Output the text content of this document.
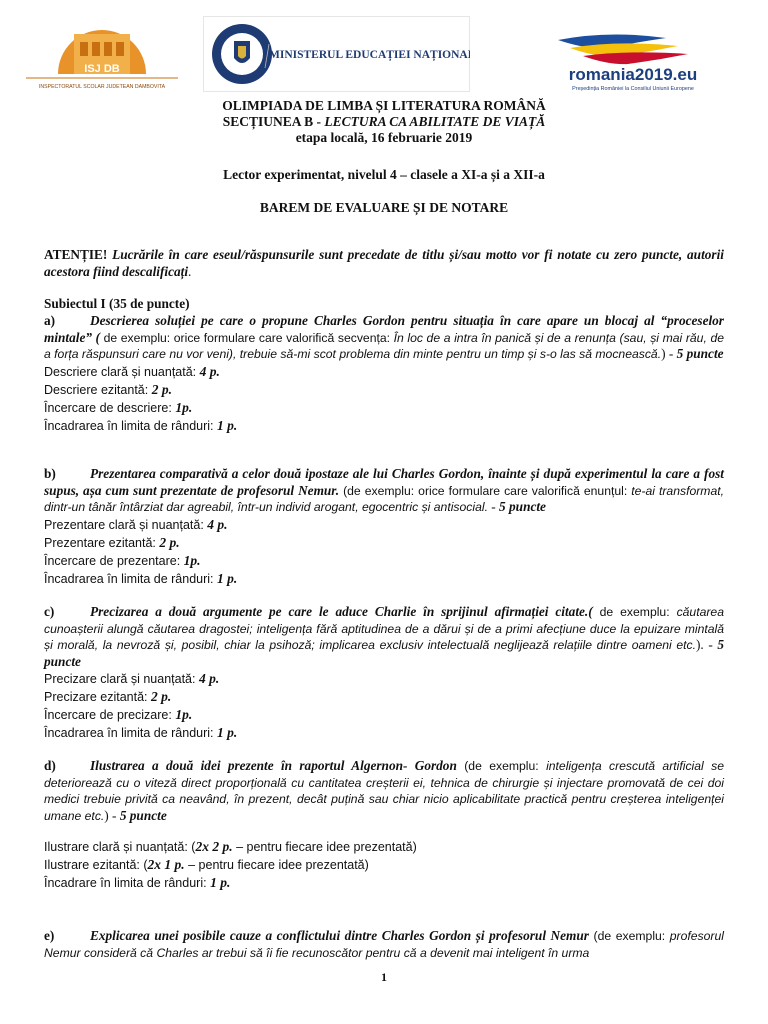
ISJ DB
INSPECTORATUL SCOLAR JUDETEAN DAMBOVITA
MINISTERUL EDUCAȚIEI NAȚIONALE
romania2019.eu
Președinția României la Consiliul Uniunii Europene
OLIMPIADA DE LIMBA ȘI LITERATURA ROMÂNĂ
SECȚIUNEA B - LECTURA CA ABILITATE DE VIAȚĂ
etapa locală, 16 februarie 2019
Lector experimentat, nivelul 4 – clasele a XI-a și a XII-a
BAREM DE EVALUARE ȘI DE NOTARE

ATENȚIE! Lucrările în care eseul/răspunsurile sunt precedate de titlu și/sau motto vor fi notate cu zero puncte, autorii acestora fiind descalificați.

Subiectul I (35 de puncte)

a)	Descrierea soluției pe care o propune Charles Gordon pentru situația în care apare un blocaj al “proceselor mintale” ( de exemplu: orice formulare care valorifică secvența: În loc de a intra în panică și de a renunța (sau, și mai rău, de a forța răspunsuri care nu vor veni), trebuie să-mi scot problema din minte pentru un timp și s-o las să mocnească.) - 5 puncte

Descriere clară și nuanțată: 4 p.
Descriere ezitantă: 2 p.
Încercare de descriere: 1p.
Încadrarea în limita de rânduri: 1 p.

b)	Prezentarea comparativă a celor două ipostaze ale lui Charles Gordon, înainte și după experimentul la care a fost supus, așa cum sunt prezentate de profesorul Nemur. (de exemplu: orice formulare care valorifică enunțul: te-ai transformat, dintr-un tânăr întârziat dar agreabil, într-un individ arogant, egocentric și antisocial. - 5 puncte

Prezentare clară și nuanțată: 4 p.
Prezentare ezitantă: 2 p.
Încercare de prezentare: 1p.
Încadrarea în limita de rânduri: 1 p.

c)	Precizarea a două argumente pe care le aduce Charlie în sprijinul afirmației citate.( de exemplu: căutarea cunoașterii alungă căutarea dragostei; inteligența fără aptitudinea de a dărui și de a primi afecțiune duce la epuizare mintală și morală, la nevroză și, posibil, chiar la psihoză; implicarea exclusiv intelectuală neglijează relațiile dintre oameni etc.). - 5 puncte

Precizare clară și nuanțată: 4 p.
Precizare ezitantă: 2 p.
Încercare de precizare: 1p.
Încadrarea în limita de rânduri: 1 p.

d)	Ilustrarea a două idei prezente în raportul Algernon- Gordon (de exemplu: inteligența crescută artificial se deteriorează cu o viteză direct proporțională cu cantitatea creșterii ei, tehnica de chirurgie și injectare promovată de cei doi medici trebuie privită ca neavând, în prezent, decât puțină sau chiar nicio aplicabilitate practică pentru creșterea inteligenței umane etc.) - 5 puncte

Ilustrare clară și nuanțată: (2x 2 p. – pentru fiecare idee prezentată)
Ilustrare ezitantă: (2x 1 p. – pentru fiecare idee prezentată)
Încadrare în limita de rânduri: 1 p.

e)	Explicarea unei posibile cauze a conflictului dintre Charles Gordon și profesorul Nemur (de exemplu: profesorul Nemur consideră că Charles ar trebui să îi fie recunoscător pentru că a devenit mai inteligent în urma

1
